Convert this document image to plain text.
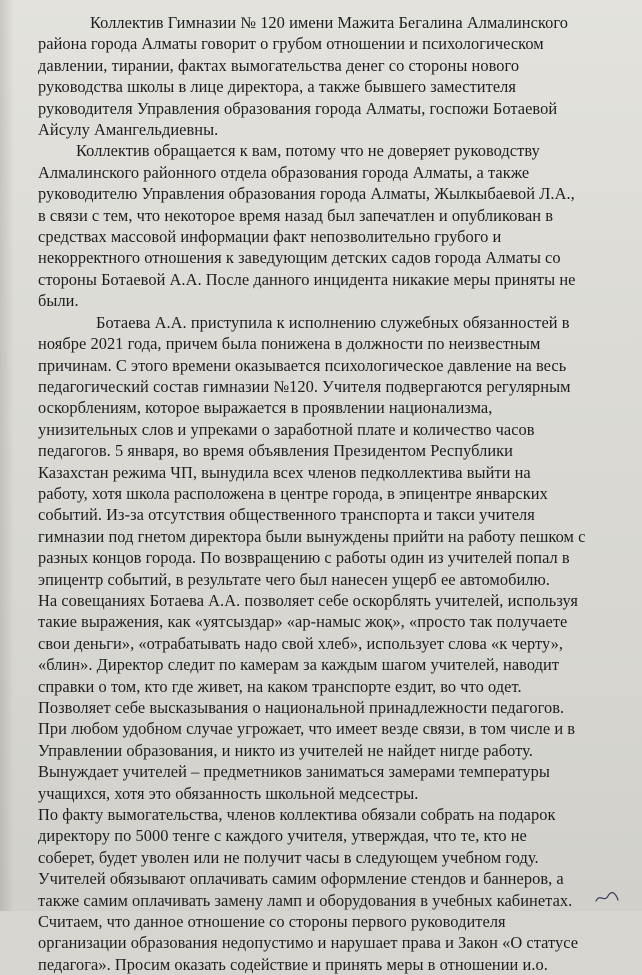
Коллектив Гимназии № 120 имени Мажита Бегалина Алмалинского
района города Алматы говорит о грубом отношении и психологическом
давлении, тирании, фактах вымогательства денег со стороны нового
руководства школы в лице директора, а также бывшего заместителя
руководителя Управления образования города Алматы, госпожи Ботаевой
Айсулу Амангельдиевны.

Коллектив обращается к вам, потому что не доверяет руководству
Алмалинского районного отдела образования города Алматы, а также
руководителю Управления образования города Алматы, Жылкыбаевой Л.А.,
в связи с тем, что некоторое время назад был запечатлен и опубликован в
средствах массовой информации факт непозволительно грубого и
некорректного отношения к заведующим детских садов города Алматы со
стороны Ботаевой А.А. После данного инцидента никакие меры приняты не
были.

Ботаева А.А. приступила к исполнению служебных обязанностей в
ноябре 2021 года, причем была понижена в должности по неизвестным
причинам. С этого времени оказывается психологическое давление на весь
педагогический состав гимназии №120. Учителя подвергаются регулярным
оскорблениям, которое выражается в проявлении национализма,
унизительных слов и упреками о заработной плате и количество часов
педагогов. 5 января, во время объявления Президентом Республики
Казахстан режима ЧП, вынудила всех членов педколлектива выйти на
работу, хотя школа расположена в центре города, в эпицентре январских
событий. Из-за отсутствия общественного транспорта и такси учителя
гимназии под гнетом директора были вынуждены прийти на работу пешком с
разных концов города. По возвращению с работы один из учителей попал в
эпицентр событий, в результате чего был нанесен ущерб ее автомобилю.
На совещаниях Ботаева А.А. позволяет себе оскорблять учителей, используя
такие выражения, как «уятсыздар» «ар-намыс жоқ», «просто так получаете
свои деньги», «отрабатывать надо свой хлеб», использует слова «к черту»,
«блин». Директор следит по камерам за каждым шагом учителей, наводит
справки о том, кто где живет, на каком транспорте ездит, во что одет.
Позволяет себе высказывания о национальной принадлежности педагогов.
При любом удобном случае угрожает, что имеет везде связи, в том числе и в
Управлении образования, и никто из учителей не найдет нигде работу.
Вынуждает учителей – предметников заниматься замерами температуры
учащихся, хотя это обязанность школьной медсестры.
По факту вымогательства, членов коллектива обязали собрать на подарок
директору по 5000 тенге с каждого учителя, утверждая, что те, кто не
соберет, будет уволен или не получит часы в следующем учебном году.
Учителей обязывают оплачивать самим оформление стендов и баннеров, а
также самим оплачивать замену ламп и оборудования в учебных кабинетах.
Считаем, что данное отношение со стороны первого руководителя
организации образования недопустимо и нарушает права и Закон «О статусе
педагога». Просим оказать содействие и принять меры в отношении и.о.
